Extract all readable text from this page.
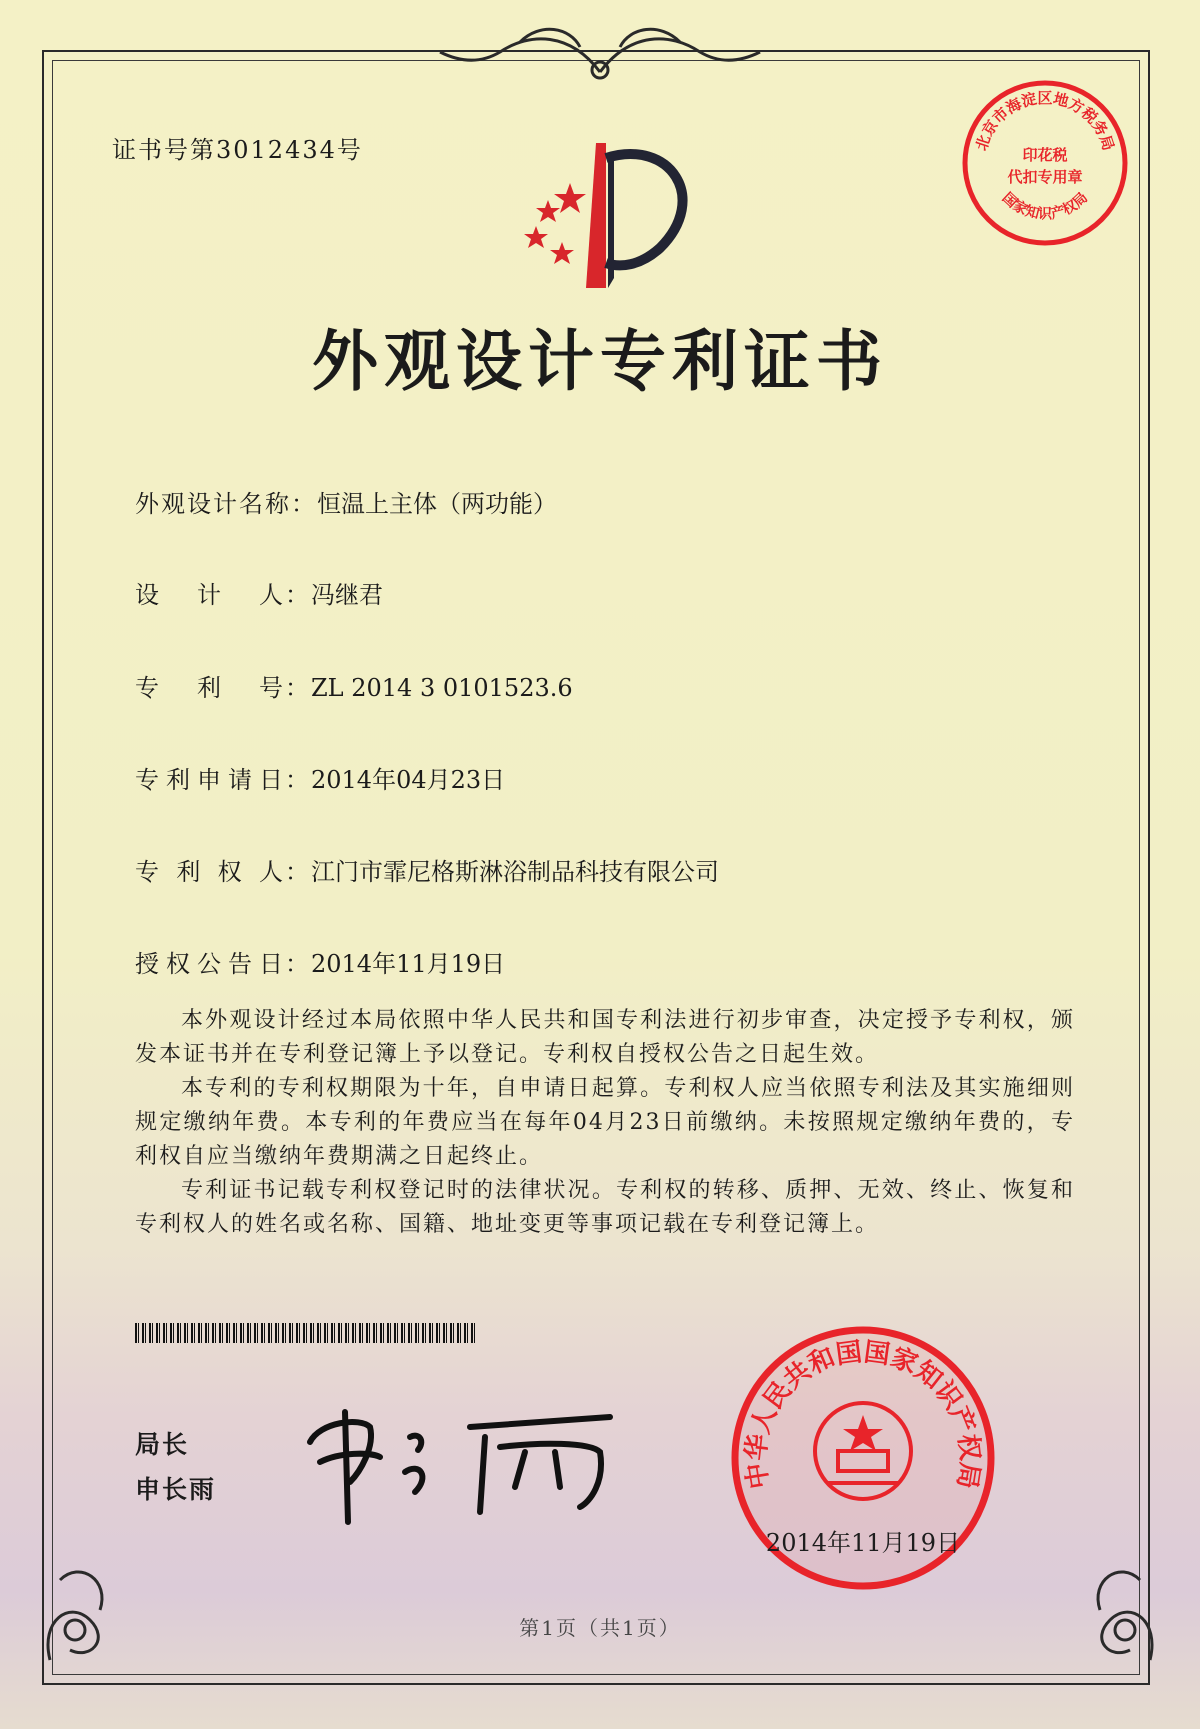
证书号第3012434号	北京市海淀区地方税务局
国家知识产权局
印花税
代扣专用章
外观设计专利证书
外观设计名称：恒温上主体（两功能）
设计人：冯继君
专利号：ZL 2014 3 0101523.6
专利申请日：2014年04月23日
专利权人：江门市霏尼格斯淋浴制品科技有限公司
授权公告日：2014年11月19日

本外观设计经过本局依照中华人民共和国专利法进行初步审查，决定授予专利权，颁发本证书并在专利登记簿上予以登记。专利权自授权公告之日起生效。

本专利的专利权期限为十年，自申请日起算。专利权人应当依照专利法及其实施细则规定缴纳年费。本专利的年费应当在每年04月23日前缴纳。未按照规定缴纳年费的，专利权自应当缴纳年费期满之日起终止。

专利证书记载专利权登记时的法律状况。专利权的转移、质押、无效、终止、恢复和专利权人的姓名或名称、国籍、地址变更等事项记载在专利登记簿上。

局长
申长雨	中华人民共和国国家知识产权局
2014年11月19日
第1页（共1页）
